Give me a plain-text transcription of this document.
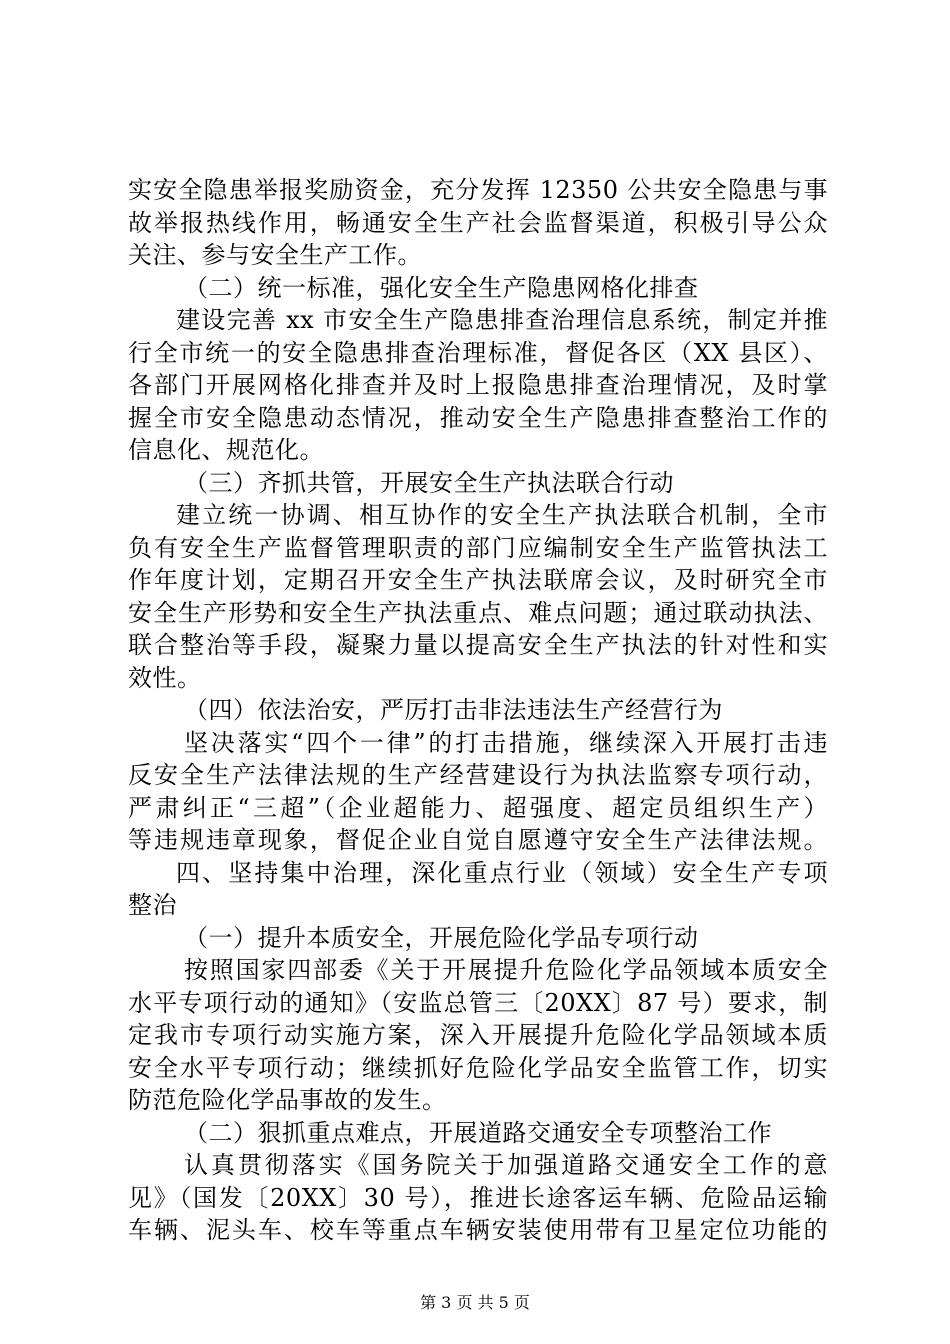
实安全隐患举报奖励资金，充分发挥 12350 公共安全隐患与事
故举报热线作用，畅通安全生产社会监督渠道，积极引导公众
关注、参与安全生产工作。
（二）统一标准，强化安全生产隐患网格化排查
建设完善 xx 市安全生产隐患排查治理信息系统，制定并推
行全市统一的安全隐患排查治理标准，督促各区（XX 县区）、
各部门开展网格化排查并及时上报隐患排查治理情况，及时掌
握全市安全隐患动态情况，推动安全生产隐患排查整治工作的
信息化、规范化。
（三）齐抓共管，开展安全生产执法联合行动
建立统一协调、相互协作的安全生产执法联合机制，全市
负有安全生产监督管理职责的部门应编制安全生产监管执法工
作年度计划，定期召开安全生产执法联席会议，及时研究全市
安全生产形势和安全生产执法重点、难点问题；通过联动执法、
联合整治等手段，凝聚力量以提高安全生产执法的针对性和实
效性。
（四）依法治安，严厉打击非法违法生产经营行为
坚决落实“四个一律”的打击措施，继续深入开展打击违
反安全生产法律法规的生产经营建设行为执法监察专项行动，
严肃纠正“三超”（企业超能力、超强度、超定员组织生产）
等违规违章现象，督促企业自觉自愿遵守安全生产法律法规。
四、坚持集中治理，深化重点行业（领域）安全生产专项
整治
（一）提升本质安全，开展危险化学品专项行动
按照国家四部委《关于开展提升危险化学品领域本质安全
水平专项行动的通知》（安监总管三〔20XX〕87 号）要求，制
定我市专项行动实施方案，深入开展提升危险化学品领域本质
安全水平专项行动；继续抓好危险化学品安全监管工作，切实
防范危险化学品事故的发生。
（二）狠抓重点难点，开展道路交通安全专项整治工作
认真贯彻落实《国务院关于加强道路交通安全工作的意
见》（国发〔20XX〕30 号），推进长途客运车辆、危险品运输
车辆、泥头车、校车等重点车辆安装使用带有卫星定位功能的
第 3 页 共 5 页
